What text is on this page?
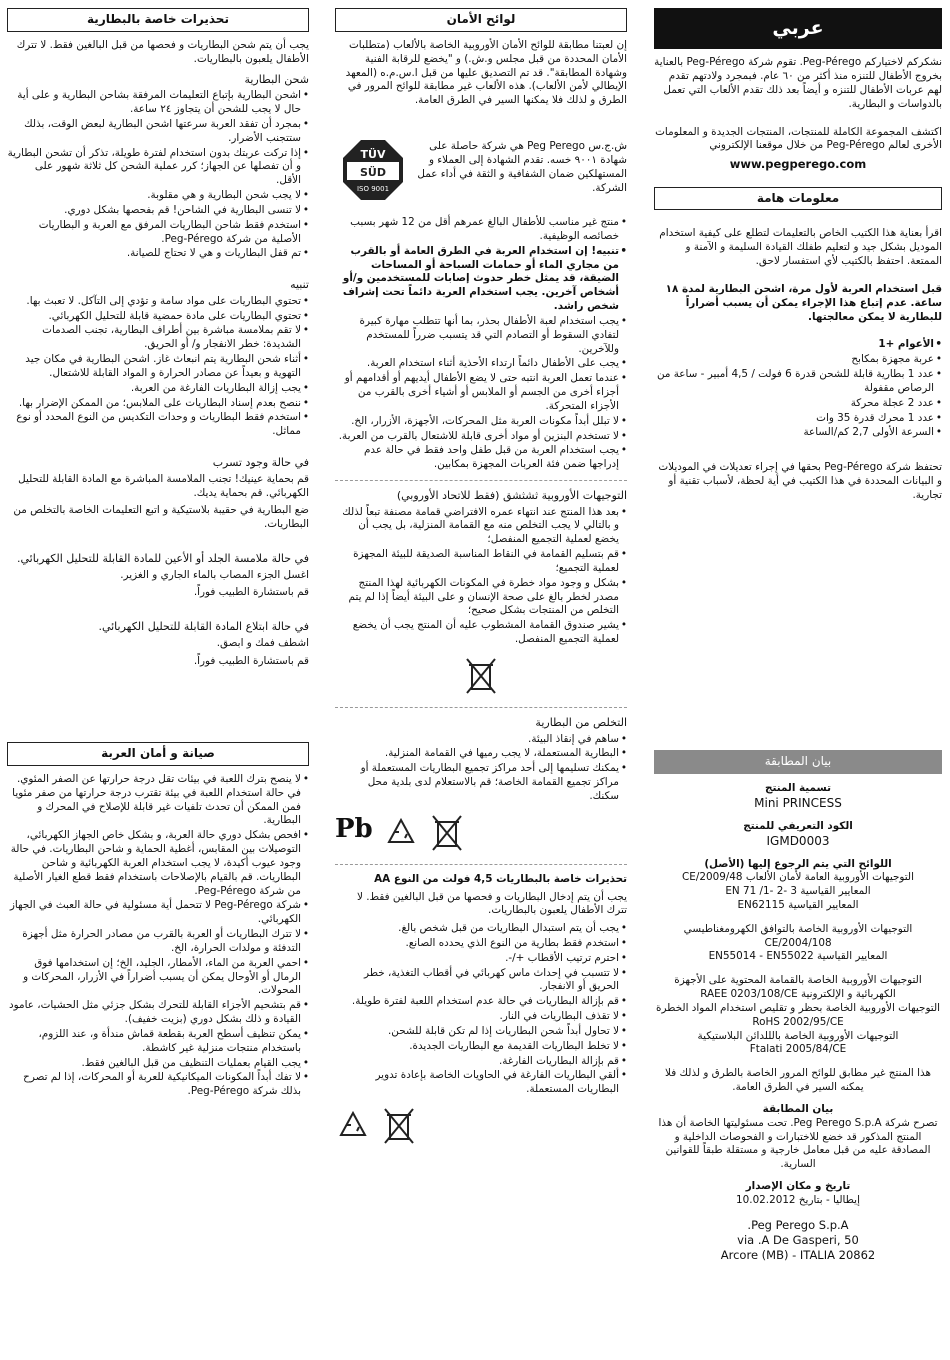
عربي

نشكركم لاختياركم Peg-Pérego. تقوم شركة Peg-Pérego بالعناية بخروج الأطفال للتنزه منذ أكثر من ٦٠ عام. فبمجرد ولادتهم تقدم لهم عربات الأطفال للتنزه و أيضاً بعد ذلك تقدم الألعاب التي تعمل بالدواسات و البطارية.

اكتشف المجموعة الكاملة للمنتجات، المنتجات الجديدة و المعلومات الأخرى لعالم Peg-Pérego من خلال موقعنا الإلكتروني

www.pegperego.com

معلومات هامة

اقرأ بعناية هذا الكتيب الخاص بالتعليمات لتطلع على كيفية استخدام الموديل بشكل جيد و لتعليم طفلك القيادة السليمة و الآمنة و الممتعة. احتفظ بالكتيب لأي استفسار لاحق.

قبل استخدام العربة لأول مرة، اشحن البطارية لمدة ١٨ ساعة. عدم إتباع هذا الإجراء يمكن أن يسبب أضراراً للبطارية لا يمكن معالجتها.

• الأعوام +1
• عربة مجهزة بمكابح
• عدد 1 بطارية قابلة للشحن قدرة 6 فولت / 4,5 أمبير - ساعة من الرصاص مقفولة
• عدد 2 عجلة محركة
• عدد 1 محرك قدرة 35 وات
• السرعة الأولى 2,7 كم/الساعة

تحتفظ شركة Peg-Pérego بحقها في إجراء تعديلات في الموديلات و البيانات المحددة في هذا الكتيب في أية لحظة، لأسباب تقنية أو تجارية.

بيان المطابقة
تسمية المنتج
Mini PRINCESS
الكود التعريفي للمنتج
IGMD0003
اللوائح التي يتم الرجوع إليها (الأصل)
التوجيهات الأوروبية العامة لأمان الألعاب 2009/48/CE
المعايير القياسية 3 -2 -1/ EN 71
المعايير القياسية EN62115
التوجيهات الأوروبية الخاصة بالتوافق الكهرومغناطيسي
2004/108/CE
المعايير القياسية EN55014 - EN55022
التوجيهات الأوروبية الخاصة بالقمامة المحتوية على الأجهزة الكهربائية و الإلكترونية RAEE 0203/108/CE
التوجيهات الأوروبية الخاصة بحظر و تقليص استخدام المواد الخطرة RoHS 2002/95/CE
التوجيهات الأوروبية الخاصة بالللدائن البلاستيكية
Ftalati 2005/84/CE
هذا المنتج غير مطابق للوائح المرور الخاصة بالطرق و لذلك فلا يمكنه السير في الطرق العامة.
بيان المطابقة
تصرح شركة Peg Perego S.p.A. تحت مسئوليتها الخاصة أن هذا المنتج المذكور قد خضع للاختبارات و الفحوصات الداخلية و المصادقة عليه من قبل معامل خارجية و مستقلة طبقاً للقوانين السارية.
تاريخ و مكان الإصدار
إيطاليا - بتاريخ 10.02.2012
Peg Perego S.p.A.
via .A De Gasperi, 50
20862 Arcore (MB) - ITALIA
لوائح الأمان

إن لعبتنا مطابقة للوائح الأمان الأوروبية الخاصة بالألعاب (متطلبات الأمان المحددة من قبل مجلس و.ش.) و "يخضع للرقابة الفنية وشهادة المطابقة". قد تم التصديق عليها من قبل ا.س.م.ه (المعهد الإيطالي لأمن الألعاب). هذه الألعاب غير مطابقة للوائح المرور في الطرق و لذلك فلا يمكنها السير في الطرق العامة.

TÜV
SÜD
ISO 9001

ش.ج.س Peg Perego هي شركة حاصلة على شهادة ٩٠٠١ خسه. تقدم الشهادة إلى العملاء و المستهلكين ضمان الشفافية و الثقة في أداء عمل الشركة.

• منتج غير مناسب للأطفال البالغ عمرهم أقل من 12 شهر بسبب خصائصه الوظيفية.
• تنبيه! إن استخدام العربة في الطرق العامة أو بالقرب من مجاري الماء أو حمامات السباحة أو المساحات الضيقة، قد يمثل خطر حدوث إصابات للمستخدمين و/أو أشخاص آخرين. يجب استخدام العربة دائماً تحت إشراف شخص راشد.
• يجب استخدام لعبة الأطفال بحذر، بما أنها تتطلب مهارة كبيرة لتفادي السقوط أو التصادم التي قد يتسبب ضرراً للمستخدم وللآخرين.
• يجب على الأطفال دائماً ارتداء الأحذية أثناء استخدام العربة.
• عندما تعمل العربة انتبه حتى لا يضع الأطفال أيديهم أو أقدامهم أو أجزاء أخرى من الجسم أو الملابس أو أشياء أخرى بالقرب من الأجزاء المتحركة.
• لا تبلل أبداً مكونات العربة مثل المحركات، الأجهزة، الأزرار، الخ.
• لا تستخدم البنزين أو مواد أخرى قابلة للاشتعال بالقرب من العربة.
• يجب استخدام العربة من قبل طفل واحد فقط في حالة عدم إدراجها ضمن فئة العربات المجهزة بمكابين.

التوجيهات الأوروبية ثشثشق (فقط للاتحاد الأوروبي)

• بعد هذا المنتج عند انتهاء عمره الافتراضي قمامة مصنفة تبعاً لذلك و بالتالي لا يجب التخلص منه مع القمامة المنزلية، بل يجب أن يخضع لعملية التجميع المنفصل؛
• قم بتسليم القمامة في النقاط المناسبة الصديقة للبيئة المجهزة لعملية التجميع؛
• بشكل و وجود مواد خطرة في المكونات الكهربائية لهذا المنتج مصدر لخطر بالغ على صحة الإنسان و على البيئة أيضاً إذا لم يتم التخلص من المنتجات بشكل صحيح؛
• يشير صندوق القمامة المشطوب عليه أن المنتج يجب أن يخضع لعملية التجميع المنفصل.

التخلص من البطارية

• ساهم في إنقاذ البيئة.
• البطارية المستعملة، لا يجب رميها في القمامة المنزلية.
• يمكنك تسليمها إلى أحد مراكز تجميع البطاريات المستعملة أو مراكز تجميع القمامة الخاصة؛ قم بالاستعلام لدى بلدية محل سكنك.
Pb

تحذيرات خاصة بالبطاريات 4,5 فولت من النوع AA

يجب أن يتم إدخال البطاريات و فحصها من قبل البالغين فقط. لا تترك الأطفال يلعبون بالبطاريات.

• يجب أن يتم استبدال البطاريات من قبل شخص بالغ.
• استخدم فقط بطارية من النوع الذي يحدده الصانع.
• احترم ترتيب الأقطاب +/-.
• لا تتسبب في إحداث ماس كهربائي في أقطاب التغذية، خطر الحريق أو الانفجار.
• قم بإزالة البطاريات في حالة عدم استخدام اللعبة لفترة طويلة.
• لا تقذف البطاريات في النار.
• لا تحاول أبداً شحن البطاريات إذا لم تكن قابلة للشحن.
• لا تخلط البطاريات القديمة مع البطاريات الجديدة.
• قم بإزالة البطاريات الفارغة.
• ألقي البطاريات الفارغة في الحاويات الخاصة بإعادة تدوير البطاريات المستعملة.
تحذيرات خاصة بالبطارية

يجب أن يتم شحن البطاريات و فحصها من قبل البالغين فقط. لا تترك الأطفال يلعبون بالبطاريات.

شحن البطارية

• اشحن البطارية بإتباع التعليمات المرفقة بشاحن البطارية و على أية حال لا يجب للشحن أن يتجاوز ٢٤ ساعة.
• بمجرد أن تفقد العربة سرعتها اشحن البطارية لبعض الوقت، بذلك ستتجنب الأضرار.
• إذا تركت عربتك بدون استخدام لفترة طويلة، تذكر أن تشحن البطارية و أن تفصلها عن الجهاز؛ كرر عملية الشحن كل ثلاثة شهور على الأقل.
• لا يجب شحن البطارية و هي مقلوبة.
• لا تنسى البطارية في الشاحن! قم بفحصها بشكل دوري.
• استخدم فقط شاحن البطاريات المرفق مع العربة و البطاريات الأصلية من شركة Peg-Pérego.
• تم قفل البطاريات و هي لا تحتاج للصيانة.

تنبيه

• تحتوي البطاريات على مواد سامة و تؤدي إلى التآكل. لا تعبث بها.
• تحتوي البطاريات على مادة حمضية قابلة للتحليل الكهربائي.
• لا تقم بملامسة مباشرة بين أطراف البطارية، تجنب الصدمات الشديدة: خطر الانفجار و/ أو الحريق.
• أثناء شحن البطارية يتم انبعاث غاز. اشحن البطارية في مكان جيد التهوية و بعيداً عن مصادر الحرارة و المواد القابلة للاشتعال.
• يجب إزالة البطاريات الفارغة من العربة.
• ننصح بعدم إسناد البطاريات على الملابس؛ من الممكن الإضرار بها.
• استخدم فقط البطاريات و وحدات التكديس من النوع المحدد أو نوع مماثل.

في حالة وجود تسرب

قم بحماية عينيك! تجنب الملامسة المباشرة مع المادة القابلة للتحليل الكهربائي. قم بحماية يديك.

ضع البطارية في حقيبة بلاستيكية و اتبع التعليمات الخاصة بالتخلص من البطاريات.

في حالة ملامسة الجلد أو الأعين للمادة القابلة للتحليل الكهربائي.

اغسل الجزء المصاب بالماء الجاري و الغزير.

قم باستشارة الطبيب فوراً.

في حالة ابتلاع المادة القابلة للتحليل الكهربائي.

اشطف فمك و ابصق.

قم باستشارة الطبيب فوراً.

صيانة و أمان العربة
• لا ينصح بترك اللعبة في بيئات تقل درجة حرارتها عن الصفر المئوي. في حالة استخدام اللعبة في بيئة تقترب درجة حرارتها من صفر مئويا فمن الممكن أن تحدث تلفيات غير قابلة للإصلاح في المحرك و البطارية.
• افحص بشكل دوري حالة العربة، و بشكل خاص الجهاز الكهربائي، التوصيلات بين المقابس، أغطية الحماية و شاحن البطاريات. في حالة وجود عيوب أكيدة، لا يجب استخدام العربة الكهربائية و شاحن البطاريات. قم بالقيام بالإصلاحات باستخدام فقط قطع الغيار الأصلية من شركة Peg-Pérego.
• شركة Peg-Pérego لا تتحمل أية مسئولية في حالة العبث في الجهاز الكهربائي.
• لا تترك البطاريات أو العربة بالقرب من مصادر الحرارة مثل أجهزة التدفئة و مولدات الحرارة، الخ.
• احمي العربة من الماء، الأمطار، الجليد، الخ؛ إن استخدامها فوق الرمال أو الأوحال يمكن أن يسبب أضراراً في الأزرار، المحركات و المحولات.
• قم بتشحيم الأجزاء القابلة للتحرك بشكل جزئي مثل الحشيات، عامود القيادة و ذلك بشكل دوري (بزيت خفيف).
• يمكن تنظيف أسطح العربة بقطعة قماش مندأة و، عند اللزوم، باستخدام منتجات منزلية غير كاشطة.
• يجب القيام بعمليات التنظيف من قبل البالغين فقط.
• لا تفك أبداً المكونات الميكانيكية للعربة أو المحركات، إذا لم تصرح بذلك شركة Peg-Pérego.
